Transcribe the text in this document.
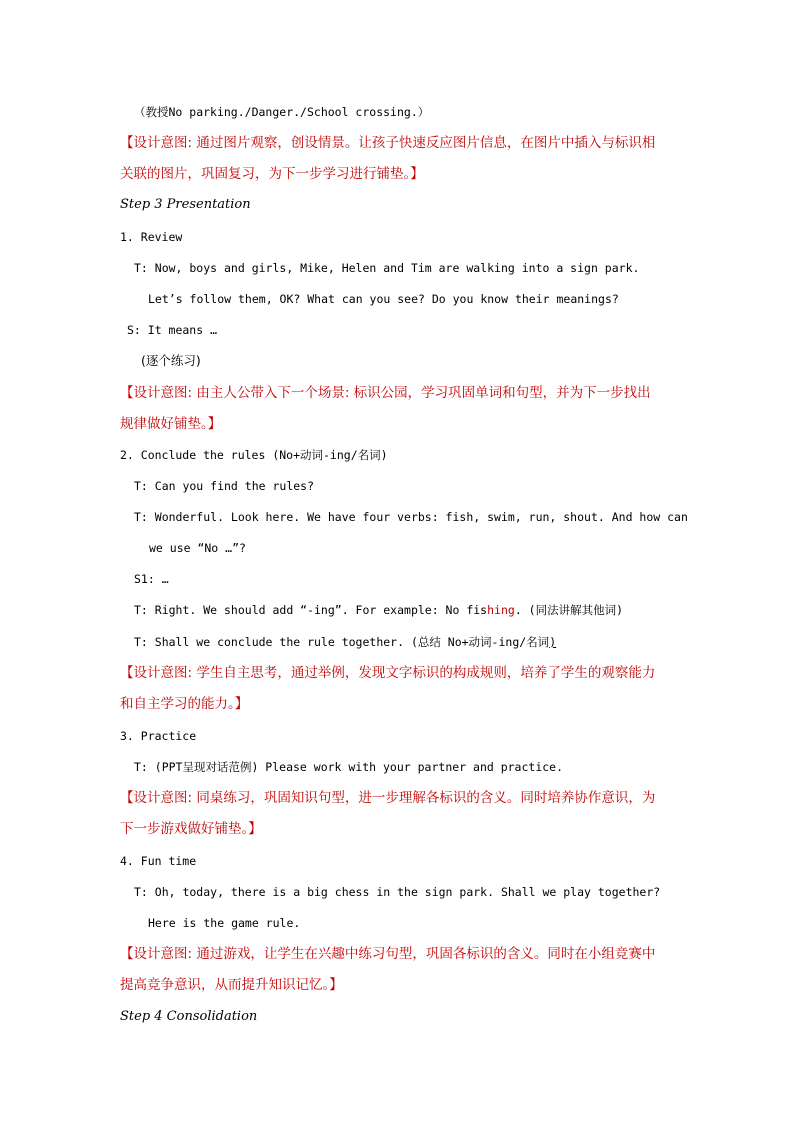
（教授No parking./Danger./School crossing.）
【设计意图: 通过图片观察，创设情景。让孩子快速反应图片信息，在图片中插入与标识相
关联的图片，巩固复习，为下一步学习进行铺垫。】
Step 3 Presentation
1. Review
T: Now, boys and girls, Mike, Helen and Tim are walking into a sign park.
Let’s follow them, OK? What can you see? Do you know their meanings?
S: It means …
(逐个练习)
【设计意图: 由主人公带入下一个场景: 标识公园，学习巩固单词和句型，并为下一步找出
规律做好铺垫。】
2. Conclude the rules (No+动词-ing/名词)
T: Can you find the rules?
T: Wonderful. Look here. We have four verbs: fish, swim, run, shout. And how can
we use “No …”?
S1: …
T: Right. We should add “-ing”. For example: No fishing. (同法讲解其他词)
T: Shall we conclude the rule together. (总结 No+动词-ing/名词)
【设计意图: 学生自主思考，通过举例，发现文字标识的构成规则，培养了学生的观察能力
和自主学习的能力。】
3. Practice
T: (PPT呈现对话范例) Please work with your partner and practice.
【设计意图: 同桌练习，巩固知识句型，进一步理解各标识的含义。同时培养协作意识，为
下一步游戏做好铺垫。】
4. Fun time
T: Oh, today, there is a big chess in the sign park. Shall we play together?
Here is the game rule.
【设计意图: 通过游戏，让学生在兴趣中练习句型，巩固各标识的含义。同时在小组竞赛中
提高竞争意识，从而提升知识记忆。】
Step 4 Consolidation
